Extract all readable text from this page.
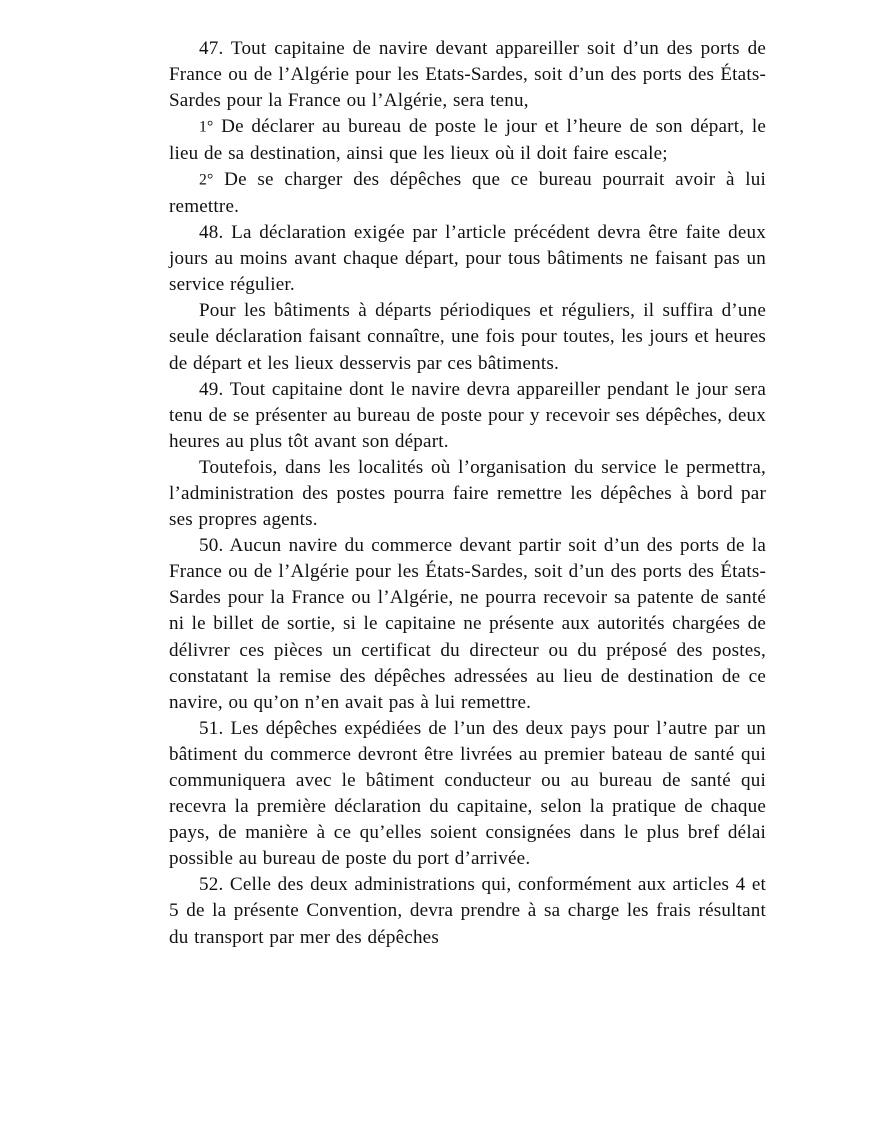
47. Tout capitaine de navire devant appareiller soit d’un des ports de France ou de l’Algérie pour les Etats-Sardes, soit d’un des ports des États-Sardes pour la France ou l’Algérie, sera tenu,

1° De déclarer au bureau de poste le jour et l’heure de son départ, le lieu de sa destination, ainsi que les lieux où il doit faire escale;

2° De se charger des dépêches que ce bureau pourrait avoir à lui remettre.

48. La déclaration exigée par l’article précédent devra être faite deux jours au moins avant chaque départ, pour tous bâtiments ne faisant pas un service régulier.

Pour les bâtiments à départs périodiques et réguliers, il suffira d’une seule déclaration faisant connaître, une fois pour toutes, les jours et heures de départ et les lieux desservis par ces bâtiments.

49. Tout capitaine dont le navire devra appareiller pendant le jour sera tenu de se présenter au bureau de poste pour y recevoir ses dépêches, deux heures au plus tôt avant son départ.

Toutefois, dans les localités où l’organisation du service le permettra, l’administration des postes pourra faire remettre les dépêches à bord par ses propres agents.

50. Aucun navire du commerce devant partir soit d’un des ports de la France ou de l’Algérie pour les États-Sardes, soit d’un des ports des États-Sardes pour la France ou l’Algérie, ne pourra recevoir sa patente de santé ni le billet de sortie, si le capitaine ne présente aux autorités chargées de délivrer ces pièces un certificat du directeur ou du préposé des postes, constatant la remise des dépêches adressées au lieu de destination de ce navire, ou qu’on n’en avait pas à lui remettre.

51. Les dépêches expédiées de l’un des deux pays pour l’autre par un bâtiment du commerce devront être livrées au premier bateau de santé qui communiquera avec le bâtiment conducteur ou au bureau de santé qui recevra la première déclaration du capitaine, selon la pratique de chaque pays, de manière à ce qu’elles soient consignées dans le plus bref délai possible au bureau de poste du port d’arrivée.

52. Celle des deux administrations qui, conformément aux articles 4 et 5 de la présente Convention, devra prendre à sa charge les frais résultant du transport par mer des dépêches
